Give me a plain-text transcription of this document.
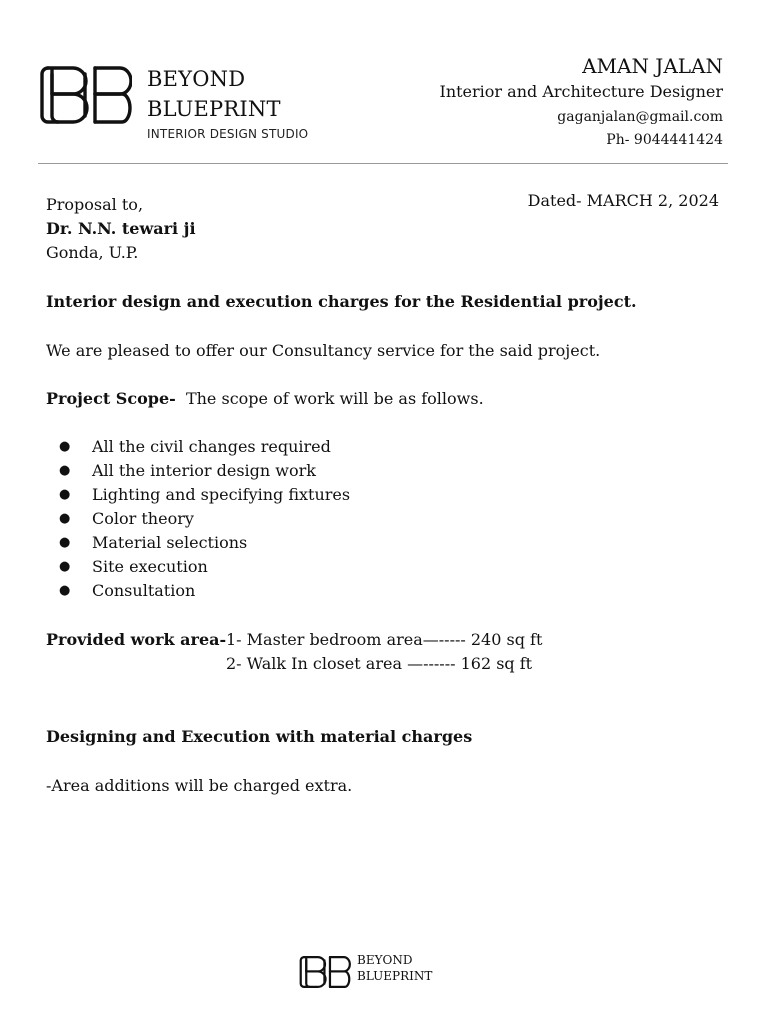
BEYOND
BLUEPRINT
INTERIOR DESIGN STUDIO
AMAN JALAN
Interior and Architecture Designer
gaganjalan@gmail.com
Ph- 9044441424
Proposal to,
Dr. N.N. tewari ji
Gonda, U.P.
Dated- MARCH 2, 2024
Interior design and execution charges for the Residential project.
We are pleased to offer our Consultancy service for the said project.
Project Scope- The scope of work will be as follows.
● All the civil changes required
● All the interior design work
● Lighting and specifying fixtures
● Color theory
● Material selections
● Site execution
● Consultation
Provided work area- 1- Master bedroom area—----- 240 sq ft
2- Walk In closet area —------ 162 sq ft
Designing and Execution with material charges
-Area additions will be charged extra.
BEYOND
BLUEPRINT
